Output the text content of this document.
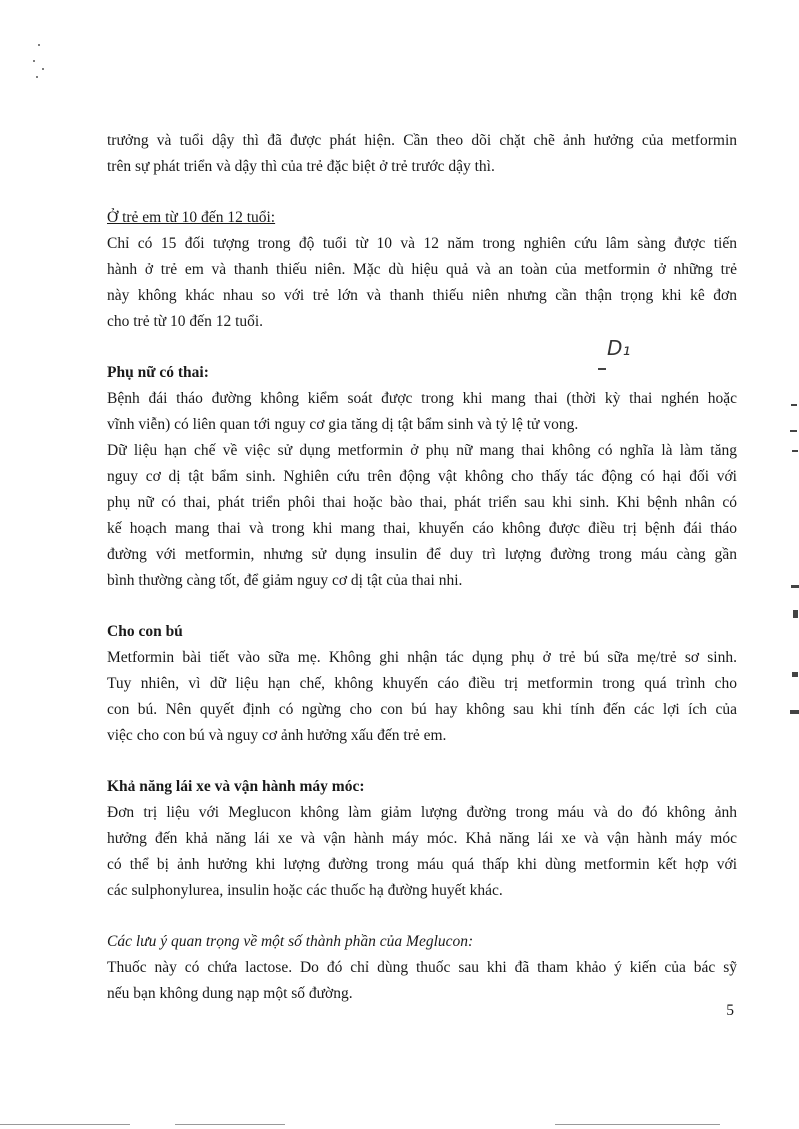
D₁
trưởng và tuổi dậy thì đã được phát hiện. Cần theo dõi chặt chẽ ảnh hưởng của metformin
trên sự phát triển và dậy thì của trẻ đặc biệt ở trẻ trước dậy thì.

Ở trẻ em từ 10 đến 12 tuổi:

Chỉ có 15 đối tượng trong độ tuổi từ 10 và 12 năm trong nghiên cứu lâm sàng được tiến
hành ở trẻ em và thanh thiếu niên. Mặc dù hiệu quả và an toàn của metformin ở những trẻ
này không khác nhau so với trẻ lớn và thanh thiếu niên nhưng cần thận trọng khi kê đơn
cho trẻ từ 10 đến 12 tuổi.

Phụ nữ có thai:

Bệnh đái tháo đường không kiểm soát được trong khi mang thai (thời kỳ thai nghén hoặc
vĩnh viễn) có liên quan tới nguy cơ gia tăng dị tật bẩm sinh và tỷ lệ tử vong.
Dữ liệu hạn chế về việc sử dụng metformin ở phụ nữ mang thai không có nghĩa là làm tăng
nguy cơ dị tật bẩm sinh. Nghiên cứu trên động vật không cho thấy tác động có hại đối với
phụ nữ có thai, phát triển phôi thai hoặc bào thai, phát triển sau khi sinh. Khi bệnh nhân có
kế hoạch mang thai và trong khi mang thai, khuyến cáo không được điều trị bệnh đái tháo
đường với metformin, nhưng sử dụng insulin để duy trì lượng đường trong máu càng gần
bình thường càng tốt, để giảm nguy cơ dị tật của thai nhi.

Cho con bú

Metformin bài tiết vào sữa mẹ. Không ghi nhận tác dụng phụ ở trẻ bú sữa mẹ/trẻ sơ sinh.
Tuy nhiên, vì dữ liệu hạn chế, không khuyến cáo điều trị metformin trong quá trình cho
con bú. Nên quyết định có ngừng cho con bú hay không sau khi tính đến các lợi ích của
việc cho con bú và nguy cơ ảnh hưởng xấu đến trẻ em.

Khả năng lái xe và vận hành máy móc:

Đơn trị liệu với Meglucon không làm giảm lượng đường trong máu và do đó không ảnh
hưởng đến khả năng lái xe và vận hành máy móc. Khả năng lái xe và vận hành máy móc
có thể bị ảnh hưởng khi lượng đường trong máu quá thấp khi dùng metformin kết hợp với
các sulphonylurea, insulin hoặc các thuốc hạ đường huyết khác.

Các lưu ý quan trọng về một số thành phần của Meglucon:

Thuốc này có chứa lactose. Do đó chỉ dùng thuốc sau khi đã tham khảo ý kiến của bác sỹ
nếu bạn không dung nạp một số đường.
5
